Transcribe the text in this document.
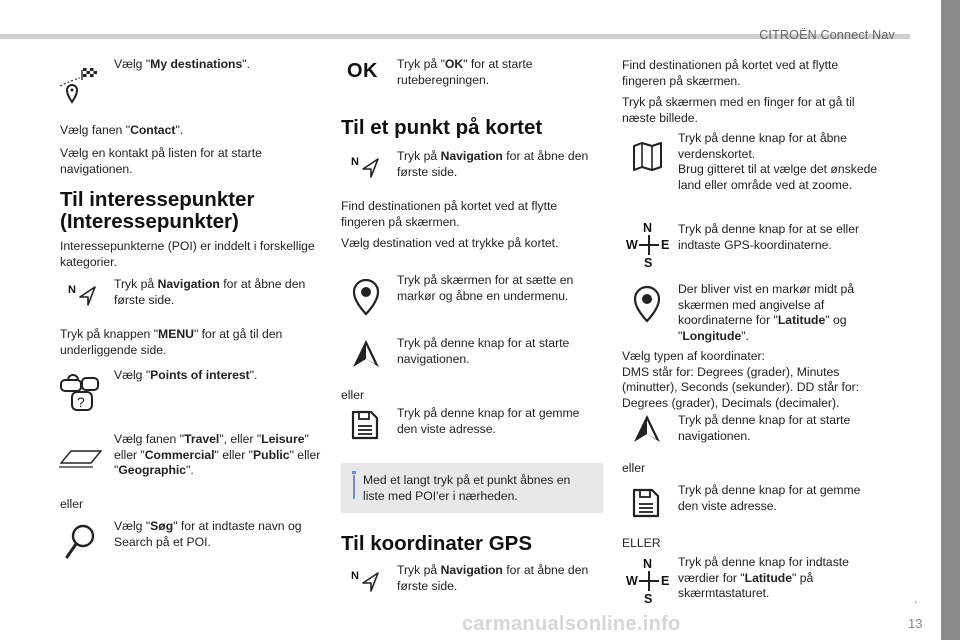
CITROËN Connect Nav
.
13
carmanualsonline.info

Vælg "My destinations".

Vælg fanen "Contact".

Vælg en kontakt på listen for at starte navigationen.

Til interessepunkter (Interessepunkter)

Interessepunkterne (POI) er inddelt i forskellige kategorier.

N	Tryk på Navigation for at åbne den første side.

Tryk på knappen "MENU" for at gå til den underliggende side.

?

Vælg "Points of interest".

Vælg fanen "Travel", eller "Leisure" eller "Commercial" eller "Public" eller "Geographic".

eller

Vælg "Søg" for at indtaste navn og Search på et POI.

OK Tryk på "OK" for at starte ruteberegningen.

Til et punkt på kortet
N	Tryk på Navigation for at åbne den første side.

Find destinationen på kortet ved at flytte fingeren på skærmen.

Vælg destination ved at trykke på kortet.

Tryk på skærmen for at sætte en markør og åbne en undermenu.

Tryk på denne knap for at starte navigationen.

eller

Tryk på denne knap for at gemme den viste adresse.

Med et langt tryk på et punkt åbnes en liste med POI'er i nærheden.

Til koordinater GPS
N	Tryk på Navigation for at åbne den første side.

Find destinationen på kortet ved at flytte fingeren på skærmen.

Tryk på skærmen med en finger for at gå til næste billede.

Tryk på denne knap for at åbne verdenskortet.
Brug gitteret til at vælge det ønskede land eller område ved at zoome.

N
W E
S

Tryk på denne knap for at se eller indtaste GPS-koordinaterne.

Der bliver vist en markør midt på skærmen med angivelse af koordinaterne for "Latitude" og "Longitude".

Vælg typen af koordinater:
DMS står for: Degrees (grader), Minutes (minutter), Seconds (sekunder). DD står for: Degrees (grader), Decimals (decimaler).

Tryk på denne knap for at starte navigationen.

eller

Tryk på denne knap for at gemme den viste adresse.

ELLER

N
W E
S

Tryk på denne knap for indtaste værdier for "Latitude" på skærmtastaturet.
